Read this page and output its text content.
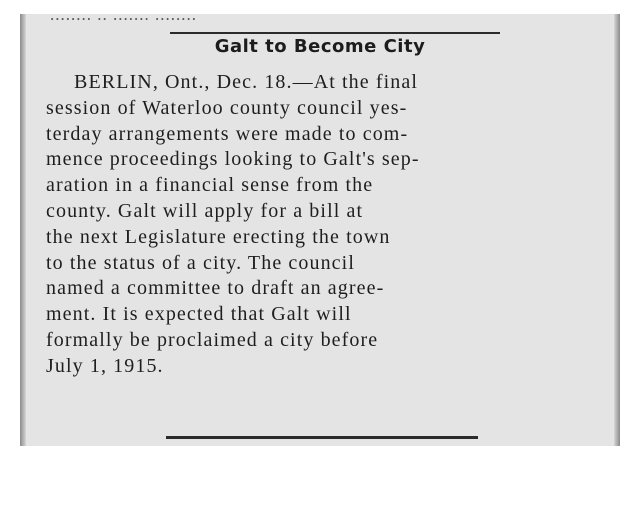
........ .. ....... ........
Galt to Become City
BERLIN, Ont., Dec. 18.—At the final
session of Waterloo county council yes-
terday arrangements were made to com-
mence proceedings looking to Galt's sep-
aration in a financial sense from the
county. Galt will apply for a bill at
the next Legislature erecting the town
to the status of a city. The council
named a committee to draft an agree-
ment. It is expected that Galt will
formally be proclaimed a city before
July 1, 1915.
